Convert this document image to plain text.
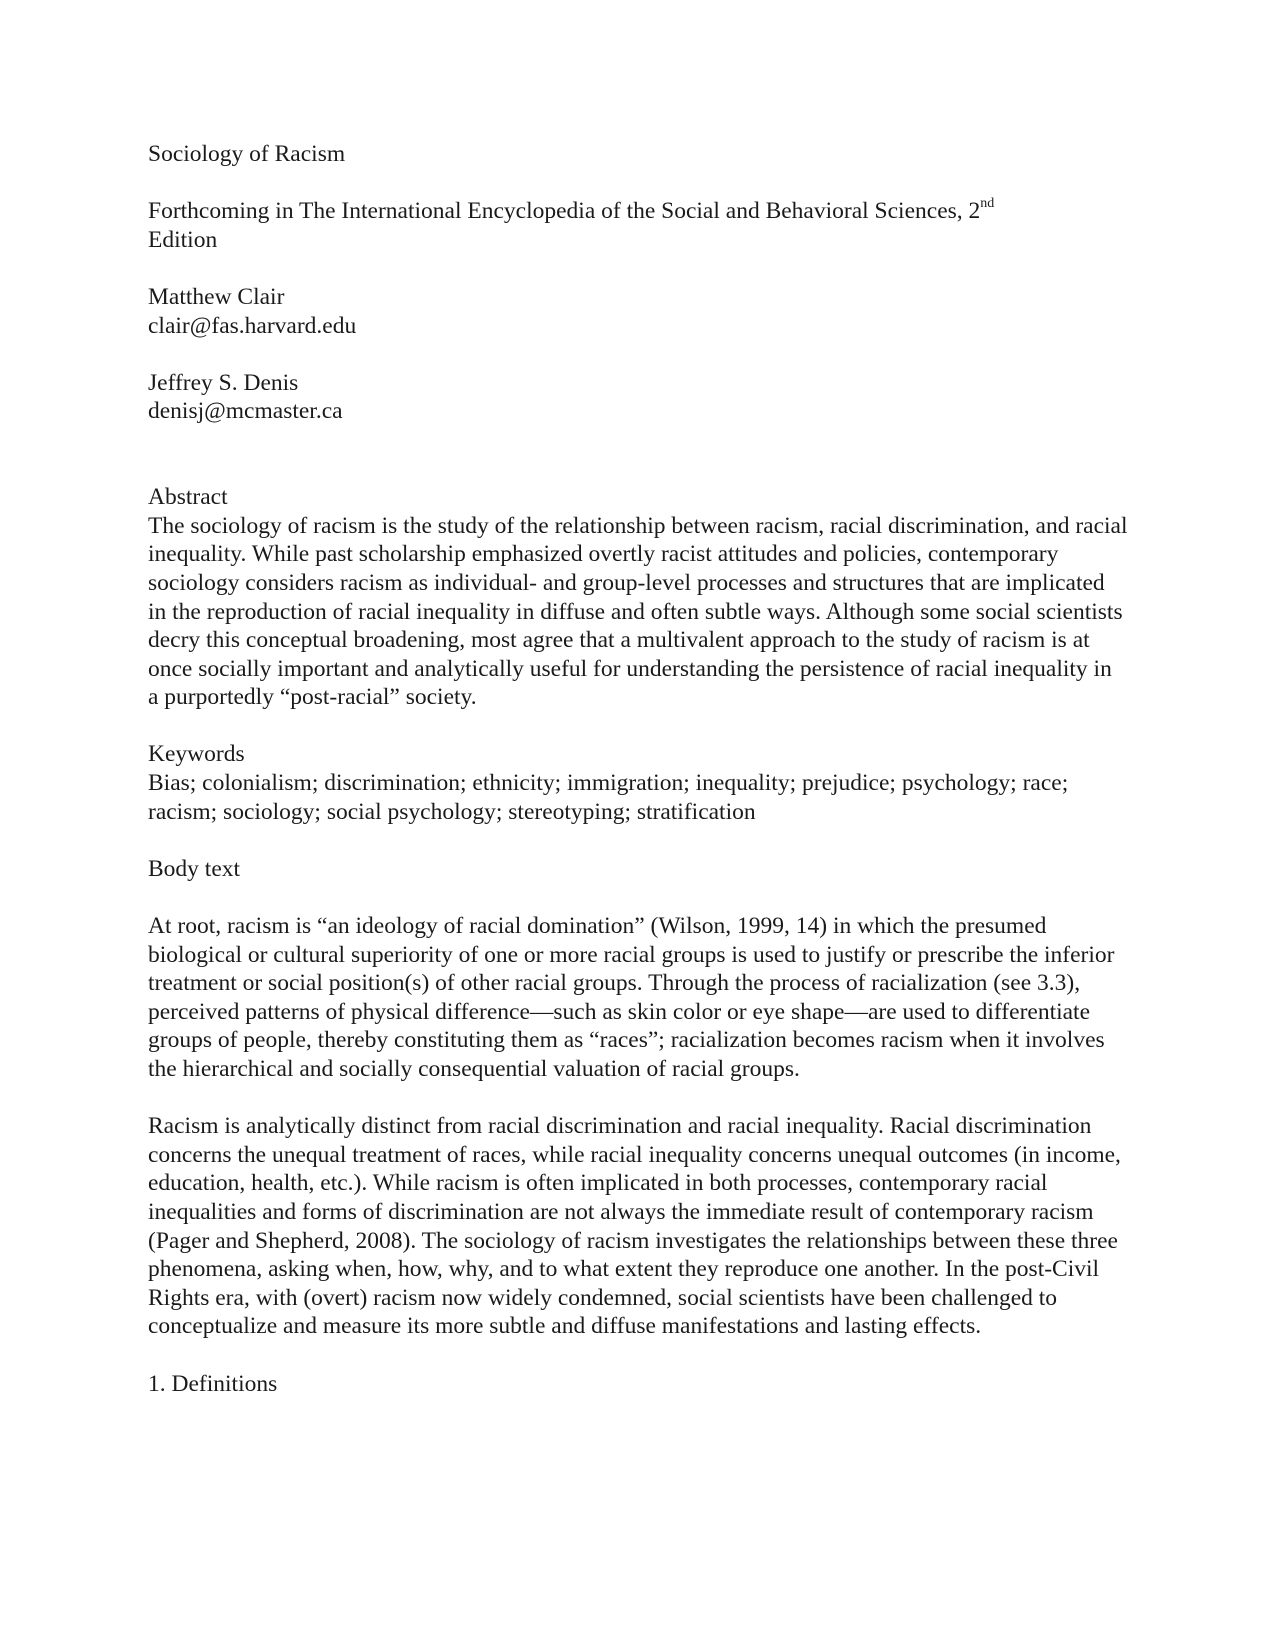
Sociology of Racism

Forthcoming in The International Encyclopedia of the Social and Behavioral Sciences, 2nd
Edition

Matthew Clair
clair@fas.harvard.edu

Jeffrey S. Denis
denisj@mcmaster.ca

Abstract

The sociology of racism is the study of the relationship between racism, racial discrimination, and racial inequality. While past scholarship emphasized overtly racist attitudes and policies, contemporary sociology considers racism as individual- and group-level processes and structures that are implicated in the reproduction of racial inequality in diffuse and often subtle ways. Although some social scientists decry this conceptual broadening, most agree that a multivalent approach to the study of racism is at once socially important and analytically useful for understanding the persistence of racial inequality in a purportedly “post-racial” society.

Keywords

Bias; colonialism; discrimination; ethnicity; immigration; inequality; prejudice; psychology; race; racism; sociology; social psychology; stereotyping; stratification

Body text

At root, racism is “an ideology of racial domination” (Wilson, 1999, 14) in which the presumed biological or cultural superiority of one or more racial groups is used to justify or prescribe the inferior treatment or social position(s) of other racial groups. Through the process of racialization (see 3.3), perceived patterns of physical difference—such as skin color or eye shape—are used to differentiate groups of people, thereby constituting them as “races”; racialization becomes racism when it involves the hierarchical and socially consequential valuation of racial groups.

Racism is analytically distinct from racial discrimination and racial inequality. Racial discrimination concerns the unequal treatment of races, while racial inequality concerns unequal outcomes (in income, education, health, etc.). While racism is often implicated in both processes, contemporary racial inequalities and forms of discrimination are not always the immediate result of contemporary racism (Pager and Shepherd, 2008). The sociology of racism investigates the relationships between these three phenomena, asking when, how, why, and to what extent they reproduce one another. In the post-Civil Rights era, with (overt) racism now widely condemned, social scientists have been challenged to conceptualize and measure its more subtle and diffuse manifestations and lasting effects.

1. Definitions
